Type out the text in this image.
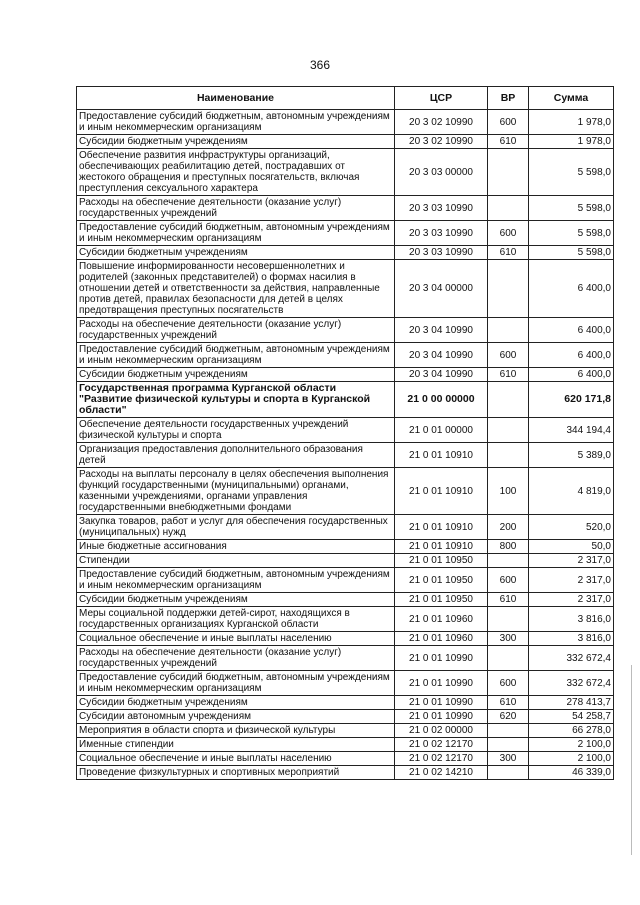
366
Наименование	ЦСР	ВР	Сумма
Предоставление субсидий бюджетным, автономным учреждениям и иным некоммерческим организациям	20 3 02 10990	600	1 978,0
Субсидии бюджетным учреждениям	20 3 02 10990	610	1 978,0
Обеспечение развития инфраструктуры организаций, обеспечивающих реабилитацию детей, пострадавших от жестокого обращения и преступных посягательств, включая преступления сексуального характера	20 3 03 00000		5 598,0
Расходы на обеспечение деятельности (оказание услуг) государственных учреждений	20 3 03 10990		5 598,0
Предоставление субсидий бюджетным, автономным учреждениям и иным некоммерческим организациям	20 3 03 10990	600	5 598,0
Субсидии бюджетным учреждениям	20 3 03 10990	610	5 598,0
Повышение информированности несовершеннолетних и родителей (законных представителей) о формах насилия в отношении детей и ответственности за действия, направленные против детей, правилах безопасности для детей в целях предотвращения преступных посягательств	20 3 04 00000		6 400,0
Расходы на обеспечение деятельности (оказание услуг) государственных учреждений	20 3 04 10990		6 400,0
Предоставление субсидий бюджетным, автономным учреждениям и иным некоммерческим организациям	20 3 04 10990	600	6 400,0
Субсидии бюджетным учреждениям	20 3 04 10990	610	6 400,0
Государственная программа Курганской области "Развитие физической культуры и спорта в Курганской области"	21 0 00 00000		620 171,8
Обеспечение деятельности государственных учреждений физической культуры и спорта	21 0 01 00000		344 194,4
Организация предоставления дополнительного образования детей	21 0 01 10910		5 389,0
Расходы на выплаты персоналу в целях обеспечения выполнения функций государственными (муниципальными) органами, казенными учреждениями, органами управления государственными внебюджетными фондами	21 0 01 10910	100	4 819,0
Закупка товаров, работ и услуг для обеспечения государственных (муниципальных) нужд	21 0 01 10910	200	520,0
Иные бюджетные ассигнования	21 0 01 10910	800	50,0
Стипендии	21 0 01 10950		2 317,0
Предоставление субсидий бюджетным, автономным учреждениям и иным некоммерческим организациям	21 0 01 10950	600	2 317,0
Субсидии бюджетным учреждениям	21 0 01 10950	610	2 317,0
Меры социальной поддержки детей-сирот, находящихся в государственных организациях Курганской области	21 0 01 10960		3 816,0
Социальное обеспечение и иные выплаты населению	21 0 01 10960	300	3 816,0
Расходы на обеспечение деятельности (оказание услуг) государственных учреждений	21 0 01 10990		332 672,4
Предоставление субсидий бюджетным, автономным учреждениям и иным некоммерческим организациям	21 0 01 10990	600	332 672,4
Субсидии бюджетным учреждениям	21 0 01 10990	610	278 413,7
Субсидии автономным учреждениям	21 0 01 10990	620	54 258,7
Мероприятия в области спорта и физической культуры	21 0 02 00000		66 278,0
Именные стипендии	21 0 02 12170		2 100,0
Социальное обеспечение и иные выплаты населению	21 0 02 12170	300	2 100,0
Проведение физкультурных и спортивных мероприятий	21 0 02 14210		46 339,0
